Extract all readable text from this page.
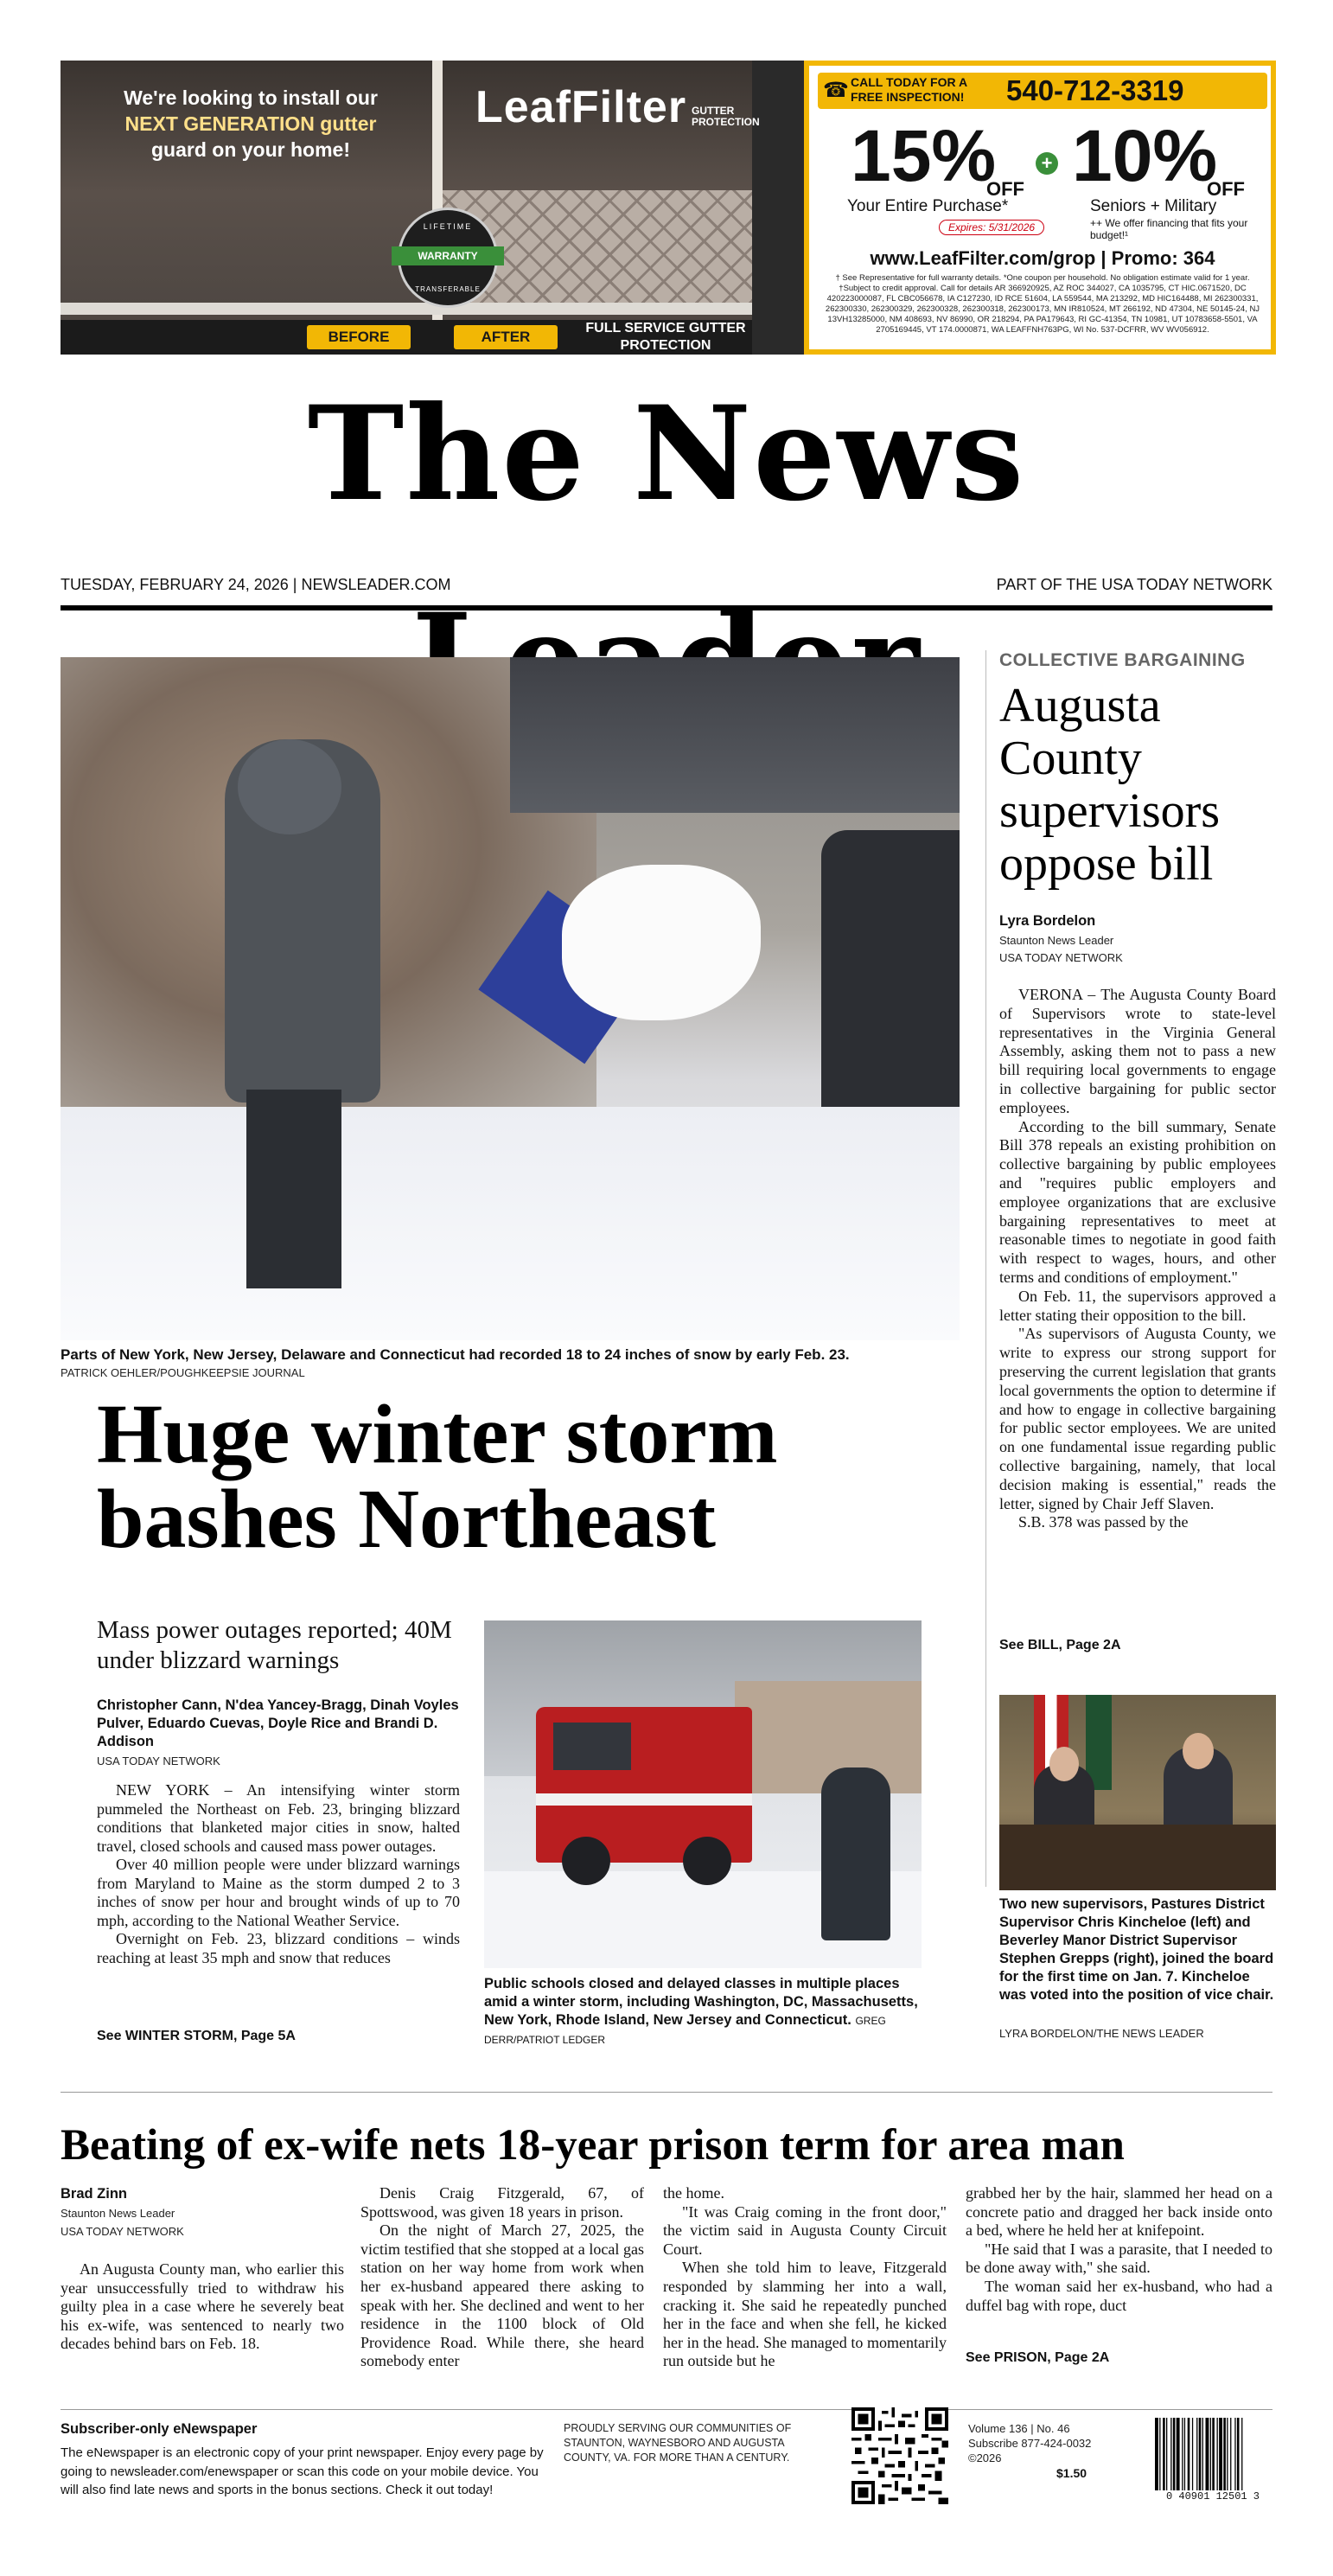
We're looking to install our
NEXT GENERATION gutter
guard on your home!
LeafFilter GUTTER
PROTECTION
LIFETIME
WARRANTY
TRANSFERABLE
BEFORE	AFTER
FULL SERVICE GUTTER PROTECTION
☎ CALL TODAY FOR A
FREE INSPECTION! 540-712-3319
15%
OFF
+ 10%
OFF
Your Entire Purchase*	Seniors + Military
Expires: 5/31/2026	++ We offer financing that fits your budget!¹
www.LeafFilter.com/grop | Promo: 364
† See Representative for full warranty details. *One coupon per household. No obligation estimate valid for 1 year. †Subject to credit approval. Call for details AR 366920925, AZ ROC 344027, CA 1035795, CT HIC.0671520, DC 420223000087, FL CBC056678, IA C127230, ID RCE 51604, LA 559544, MA 213292, MD HIC164488, MI 262300331, 262300330, 262300329, 262300328, 262300318, 262300173, MN IR810524, MT 266192, ND 47304, NE 50145-24, NJ 13VH13285000, NM 408693, NV 86990, OR 218294, PA PA179643, RI GC-41354, TN 10981, UT 10783658-5501, VA 2705169445, VT 174.0000871, WA LEAFFNH763PG, WI No. 537-DCFRR, WV WV056912.
The News
TUESDAY, FEBRUARY 24, 2026 | NEWSLEADER.COM	PART OF THE USA TODAY NETWORK
Parts of New York, New Jersey, Delaware and Connecticut had recorded 18 to 24 inches of snow by early Feb. 23.
PATRICK OEHLER/POUGHKEEPSIE JOURNAL
Huge winter storm bashes Northeast
Mass power outages reported; 40M under blizzard warnings
Christopher Cann, N'dea Yancey-Bragg, Dinah Voyles Pulver, Eduardo Cuevas, Doyle Rice and Brandi D. Addison
USA TODAY NETWORK

NEW YORK – An intensifying winter storm pummeled the Northeast on Feb. 23, bringing blizzard conditions that blanketed major cities in snow, halted travel, closed schools and caused mass power outages.

Over 40 million people were under blizzard warnings from Maryland to Maine as the storm dumped 2 to 3 inches of snow per hour and brought winds of up to 70 mph, according to the National Weather Service.

Overnight on Feb. 23, blizzard conditions – winds reaching at least 35 mph and snow that reduces

See WINTER STORM, Page 5A
Public schools closed and delayed classes in multiple places amid a winter storm, including Washington, DC, Massachusetts, New York, Rhode Island, New Jersey and Connecticut. GREG DERR/PATRIOT LEDGER
COLLECTIVE BARGAINING
Augusta County supervisors oppose bill
Lyra Bordelon
Staunton News Leader
USA TODAY NETWORK

VERONA – The Augusta County Board of Supervisors wrote to state-level representatives in the Virginia General Assembly, asking them not to pass a new bill requiring local governments to engage in collective bargaining for public sector employees.

According to the bill summary, Senate Bill 378 repeals an existing prohibition on collective bargaining by public employees and "requires public employers and employee organizations that are exclusive bargaining representatives to meet at reasonable times to negotiate in good faith with respect to wages, hours, and other terms and conditions of employment."

On Feb. 11, the supervisors approved a letter stating their opposition to the bill.

"As supervisors of Augusta County, we write to express our strong support for preserving the current legislation that grants local governments the option to determine if and how to engage in collective bargaining for public sector employees. We are united on one fundamental issue regarding public collective bargaining, namely, that local decision making is essential," reads the letter, signed by Chair Jeff Slaven.

S.B. 378 was passed by the

See BILL, Page 2A
Two new supervisors, Pastures District Supervisor Chris Kincheloe (left) and Beverley Manor District Supervisor Stephen Grepps (right), joined the board for the first time on Jan. 7. Kincheloe was voted into the position of vice chair.
LYRA BORDELON/THE NEWS LEADER
Beating of ex-wife nets 18-year prison term for area man
Brad Zinn
Staunton News Leader
USA TODAY NETWORK

An Augusta County man, who earlier this year unsuccessfully tried to withdraw his guilty plea in a case where he severely beat his ex-wife, was sentenced to nearly two decades behind bars on Feb. 18.

Denis Craig Fitzgerald, 67, of Spottswood, was given 18 years in prison.

On the night of March 27, 2025, the victim testified that she stopped at a local gas station on her way home from work when her ex-husband appeared there asking to speak with her. She declined and went to her residence in the 1100 block of Old Providence Road. While there, she heard somebody enter

the home.

"It was Craig coming in the front door," the victim said in Augusta County Circuit Court.

When she told him to leave, Fitzgerald responded by slamming her into a wall, cracking it. She said he repeatedly punched her in the face and when she fell, he kicked her in the head. She managed to momentarily run outside but he

grabbed her by the hair, slammed her head on a concrete patio and dragged her back inside onto a bed, where he held her at knifepoint.

"He said that I was a parasite, that I needed to be done away with," she said.

The woman said her ex-husband, who had a duffel bag with rope, duct

See PRISON, Page 2A
Subscriber-only eNewspaper
The eNewspaper is an electronic copy of your print newspaper. Enjoy every page by going to newsleader.com/enewspaper or scan this code on your mobile device. You will also find late news and sports in the bonus sections. Check it out today!
PROUDLY SERVING OUR COMMUNITIES OF STAUNTON, WAYNESBORO AND AUGUSTA COUNTY, VA. FOR MORE THAN A CENTURY.
Volume 136 | No. 46
Subscribe 877-424-0032
©2026
$1.50
0 40901 12501 3
